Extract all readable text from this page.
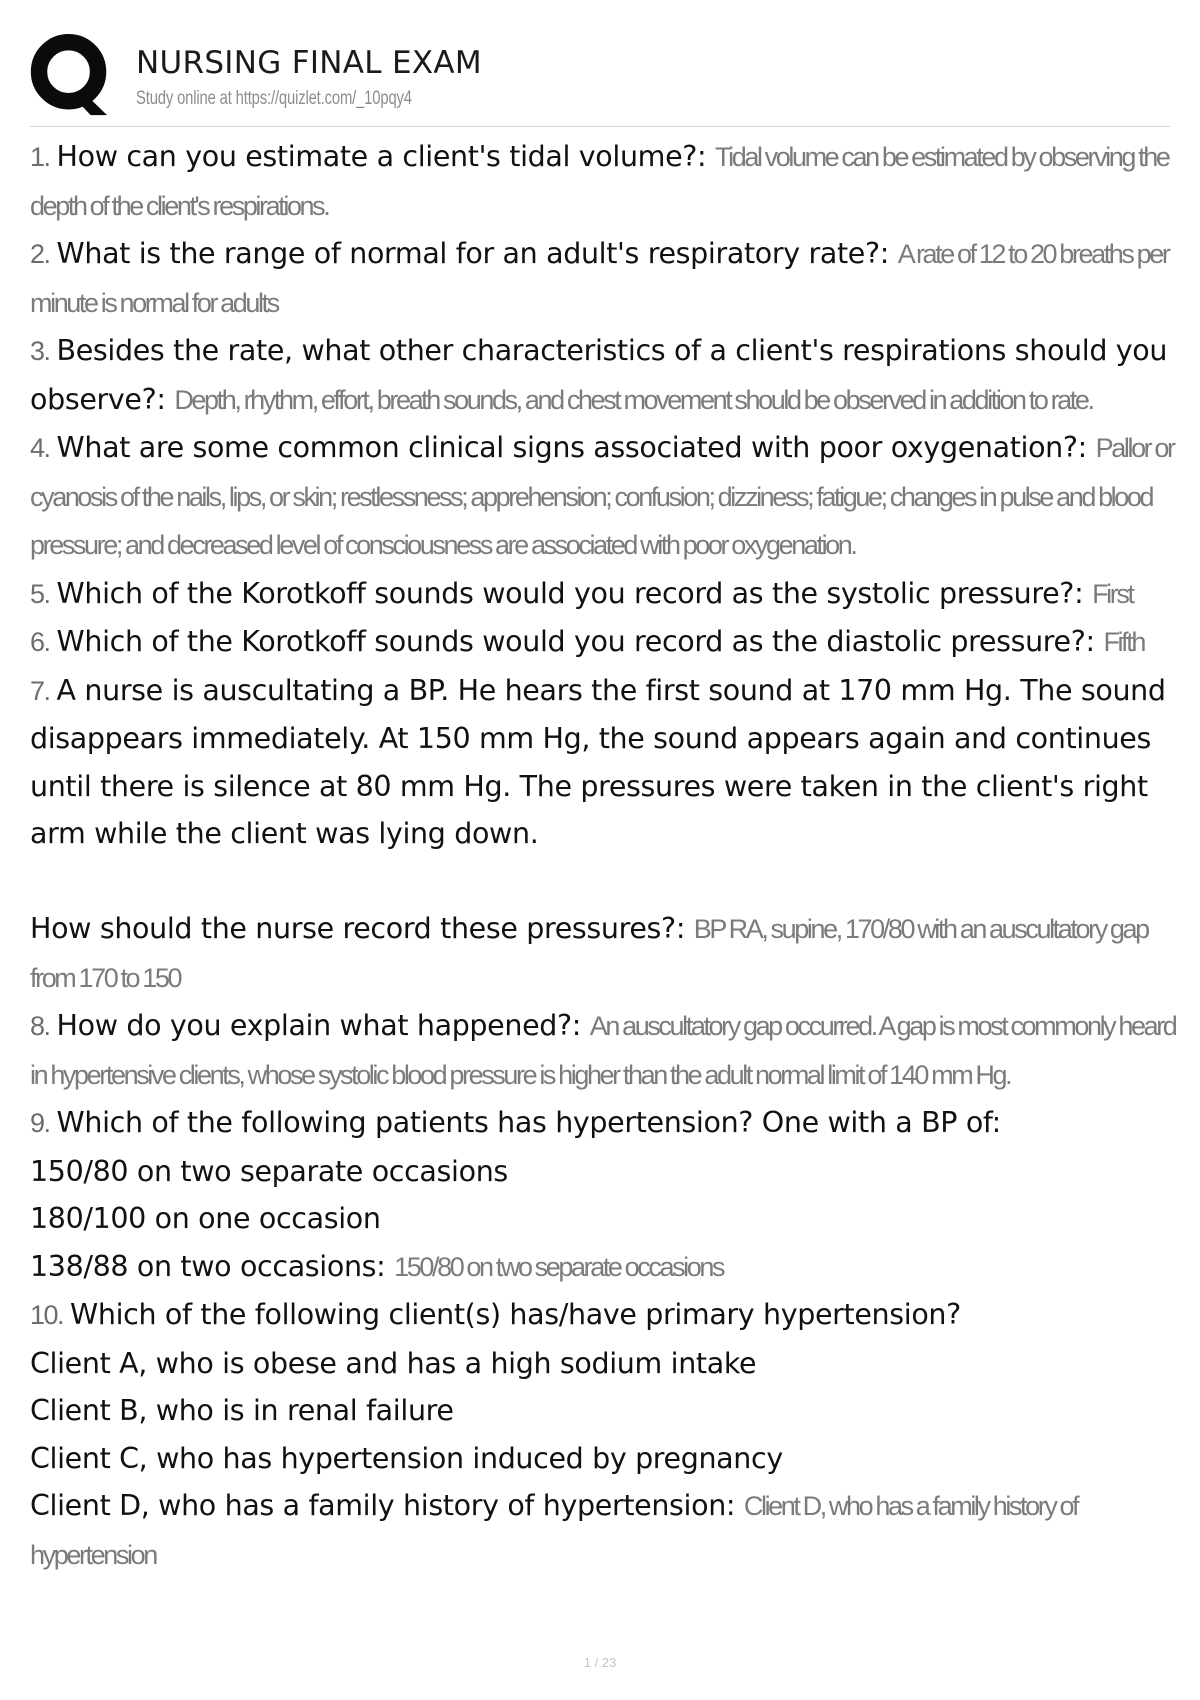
NURSING FINAL EXAM
Study online at https://quizlet.com/_10pqy4

1. How can you estimate a client's tidal volume?: Tidal volume can be estimated by observing the depth of the client's respirations.

2. What is the range of normal for an adult's respiratory rate?: A rate of 12 to 20 breaths per minute is normal for adults

3. Besides the rate, what other characteristics of a client's respirations should you observe?: Depth, rhythm, effort, breath sounds, and chest movement should be observed in addition to rate.

4. What are some common clinical signs associated with poor oxygenation?: Pallor or cyanosis of the nails, lips, or skin; restlessness; apprehension; confusion; dizziness; fatigue; changes in pulse and blood pressure; and decreased level of consciousness are associated with poor oxygenation.

5. Which of the Korotkoff sounds would you record as the systolic pressure?: First

6. Which of the Korotkoff sounds would you record as the diastolic pressure?: Fifth

7. A nurse is auscultating a BP. He hears the first sound at 170 mm Hg. The sound disappears immediately. At 150 mm Hg, the sound appears again and continues until there is silence at 80 mm Hg. The pressures were taken in the client's right arm while the client was lying down.

How should the nurse record these pressures?: BP RA, supine, 170/80 with an auscultatory gap from 170 to 150

8. How do you explain what happened?: An auscultatory gap occurred. A gap is most commonly heard in hypertensive clients, whose systolic blood pressure is higher than the adult normal limit of 140 mm Hg.

9. Which of the following patients has hypertension? One with a BP of:
150/80 on two separate occasions
180/100 on one occasion
138/88 on two occasions: 150/80 on two separate occasions

10. Which of the following client(s) has/have primary hypertension?
Client A, who is obese and has a high sodium intake
Client B, who is in renal failure
Client C, who has hypertension induced by pregnancy
Client D, who has a family history of hypertension: Client D, who has a family history of hypertension

1 / 23
